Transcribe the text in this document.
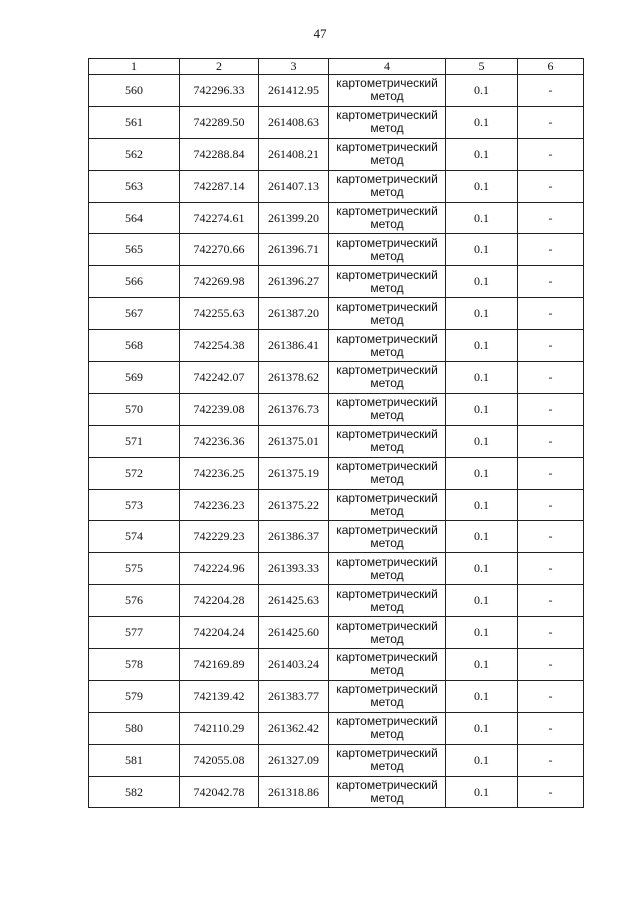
47
1	2	3	4	5	6
560	742296.33	261412.95	картометрический
метод	0.1	-
561	742289.50	261408.63	картометрический
метод	0.1	-
562	742288.84	261408.21	картометрический
метод	0.1	-
563	742287.14	261407.13	картометрический
метод	0.1	-
564	742274.61	261399.20	картометрический
метод	0.1	-
565	742270.66	261396.71	картометрический
метод	0.1	-
566	742269.98	261396.27	картометрический
метод	0.1	-
567	742255.63	261387.20	картометрический
метод	0.1	-
568	742254.38	261386.41	картометрический
метод	0.1	-
569	742242.07	261378.62	картометрический
метод	0.1	-
570	742239.08	261376.73	картометрический
метод	0.1	-
571	742236.36	261375.01	картометрический
метод	0.1	-
572	742236.25	261375.19	картометрический
метод	0.1	-
573	742236.23	261375.22	картометрический
метод	0.1	-
574	742229.23	261386.37	картометрический
метод	0.1	-
575	742224.96	261393.33	картометрический
метод	0.1	-
576	742204.28	261425.63	картометрический
метод	0.1	-
577	742204.24	261425.60	картометрический
метод	0.1	-
578	742169.89	261403.24	картометрический
метод	0.1	-
579	742139.42	261383.77	картометрический
метод	0.1	-
580	742110.29	261362.42	картометрический
метод	0.1	-
581	742055.08	261327.09	картометрический
метод	0.1	-
582	742042.78	261318.86	картометрический
метод	0.1	-
